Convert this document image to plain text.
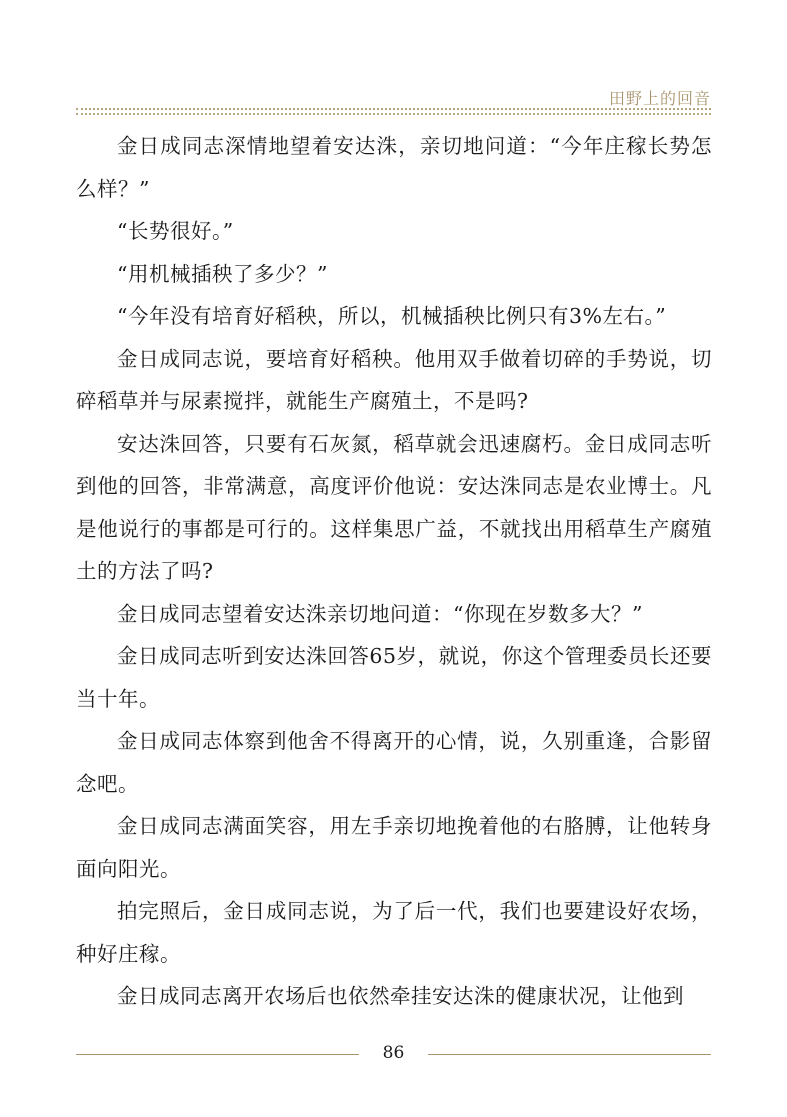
田野上的回音

金日成同志深情地望着安达洙，亲切地问道：“今年庄稼长势怎么样？”

“长势很好。”

“用机械插秧了多少？”

“今年没有培育好稻秧，所以，机械插秧比例只有3%左右。”

金日成同志说，要培育好稻秧。他用双手做着切碎的手势说，切碎稻草并与尿素搅拌，就能生产腐殖土，不是吗?

安达洙回答，只要有石灰氮，稻草就会迅速腐朽。金日成同志听到他的回答，非常满意，高度评价他说：安达洙同志是农业博士。凡是他说行的事都是可行的。这样集思广益，不就找出用稻草生产腐殖土的方法了吗?

金日成同志望着安达洙亲切地问道：“你现在岁数多大？”

金日成同志听到安达洙回答65岁，就说，你这个管理委员长还要当十年。

金日成同志体察到他舍不得离开的心情，说，久别重逢，合影留念吧。

金日成同志满面笑容，用左手亲切地挽着他的右胳膊，让他转身面向阳光。

拍完照后，金日成同志说，为了后一代，我们也要建设好农场，种好庄稼。

金日成同志离开农场后也依然牵挂安达洙的健康状况，让他到

86
